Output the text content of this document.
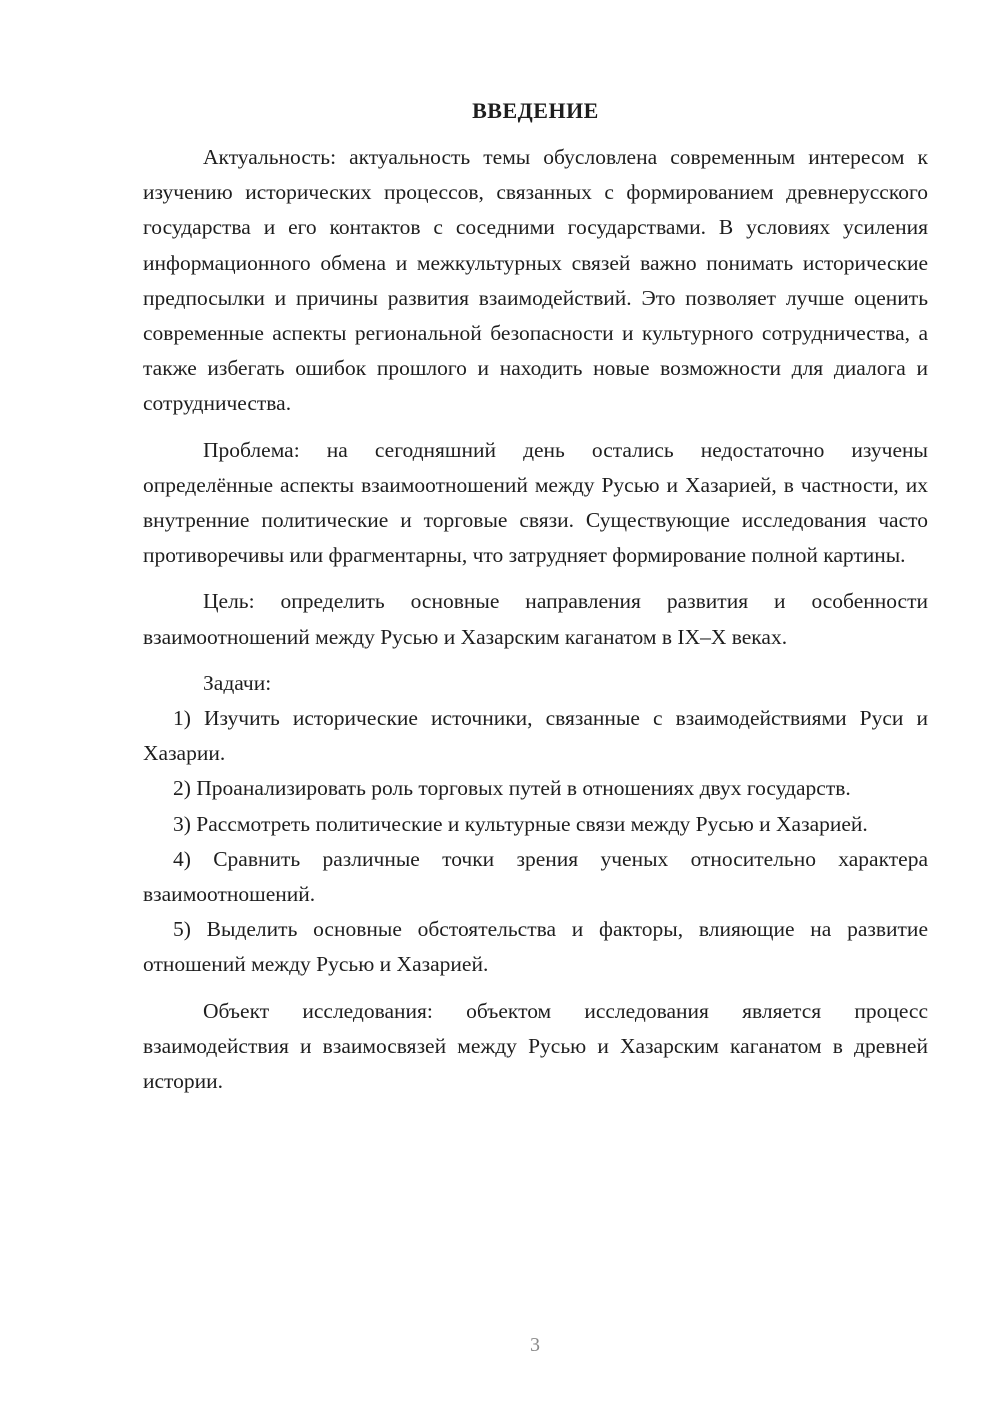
ВВЕДЕНИЕ

Актуальность: актуальность темы обусловлена современным интересом к изучению исторических процессов, связанных с формированием древнерусского государства и его контактов с соседними государствами. В условиях усиления информационного обмена и межкультурных связей важно понимать исторические предпосылки и причины развития взаимодействий. Это позволяет лучше оценить современные аспекты региональной безопасности и культурного сотрудничества, а также избегать ошибок прошлого и находить новые возможности для диалога и сотрудничества.

Проблема: на сегодняшний день остались недостаточно изучены определённые аспекты взаимоотношений между Русью и Хазарией, в частности, их внутренние политические и торговые связи. Существующие исследования часто противоречивы или фрагментарны, что затрудняет формирование полной картины.

Цель: определить основные направления развития и особенности взаимоотношений между Русью и Хазарским каганатом в IX–X веках.

Задачи:

1) Изучить исторические источники, связанные с взаимодействиями Руси и Хазарии.

2) Проанализировать роль торговых путей в отношениях двух государств.

3) Рассмотреть политические и культурные связи между Русью и Хазарией.

4) Сравнить различные точки зрения ученых относительно характера взаимоотношений.

5) Выделить основные обстоятельства и факторы, влияющие на развитие отношений между Русью и Хазарией.

Объект исследования: объектом исследования является процесс взаимодействия и взаимосвязей между Русью и Хазарским каганатом в древней истории.

3
